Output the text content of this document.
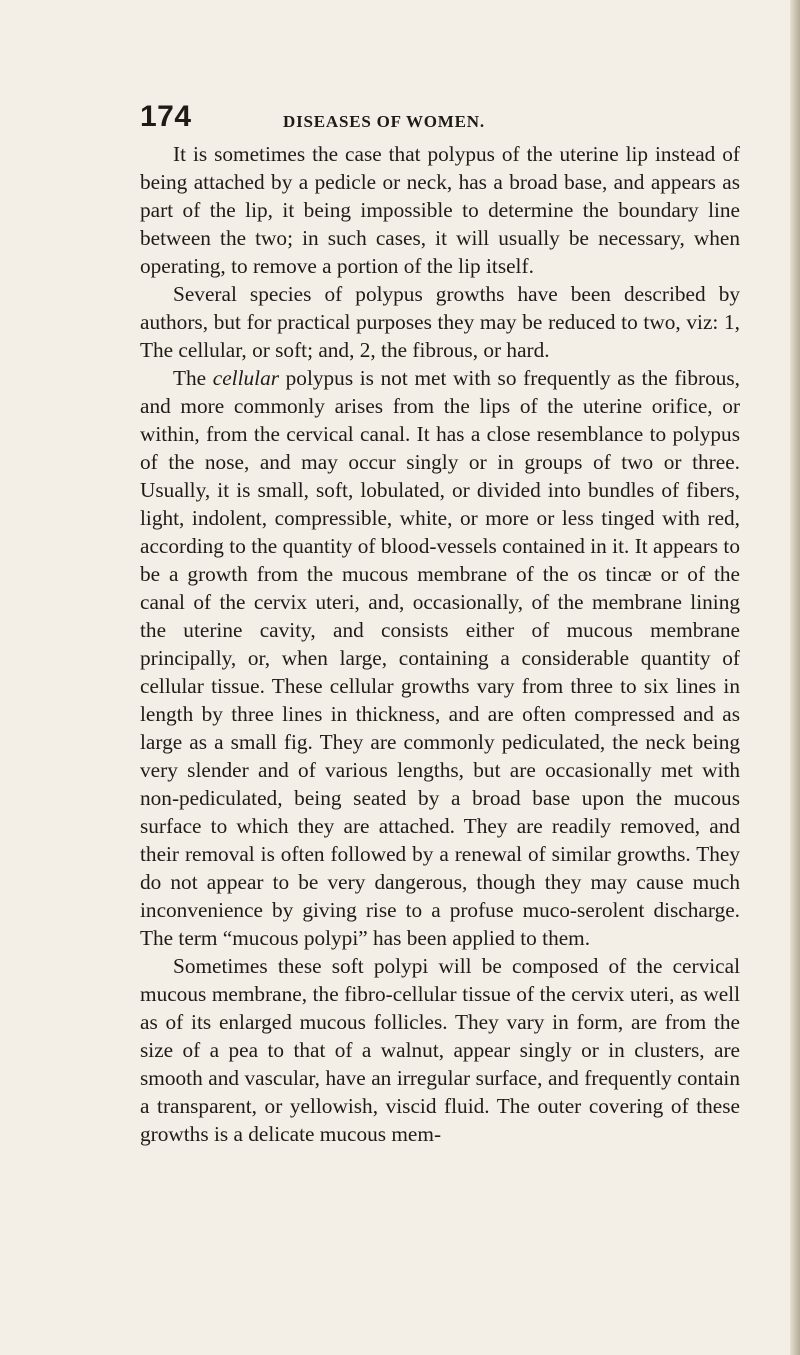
174	DISEASES OF WOMEN.

It is sometimes the case that polypus of the uterine lip instead of being attached by a pedicle or neck, has a broad base, and appears as part of the lip, it being impossible to determine the boundary line between the two; in such cases, it will usually be necessary, when operating, to remove a portion of the lip itself.

Several species of polypus growths have been described by authors, but for practical purposes they may be reduced to two, viz: 1, The cellular, or soft; and, 2, the fibrous, or hard.

The cellular polypus is not met with so frequently as the fibrous, and more commonly arises from the lips of the uterine orifice, or within, from the cervical canal. It has a close resemblance to polypus of the nose, and may occur singly or in groups of two or three. Usually, it is small, soft, lobulated, or divided into bundles of fibers, light, indolent, compressible, white, or more or less tinged with red, according to the quantity of blood-vessels contained in it. It appears to be a growth from the mucous membrane of the os tincæ or of the canal of the cervix uteri, and, occasionally, of the membrane lining the uterine cavity, and consists either of mucous membrane principally, or, when large, containing a considerable quantity of cellular tissue. These cellular growths vary from three to six lines in length by three lines in thickness, and are often compressed and as large as a small fig. They are commonly pediculated, the neck being very slender and of various lengths, but are occasionally met with non-pediculated, being seated by a broad base upon the mucous surface to which they are attached. They are readily removed, and their removal is often followed by a renewal of similar growths. They do not appear to be very dangerous, though they may cause much inconvenience by giving rise to a profuse muco-serolent discharge. The term “mucous polypi” has been applied to them.

Sometimes these soft polypi will be composed of the cervical mucous membrane, the fibro-cellular tissue of the cervix uteri, as well as of its enlarged mucous follicles. They vary in form, are from the size of a pea to that of a walnut, appear singly or in clusters, are smooth and vascular, have an irregular surface, and frequently contain a transparent, or yellowish, viscid fluid. The outer covering of these growths is a delicate mucous mem-
